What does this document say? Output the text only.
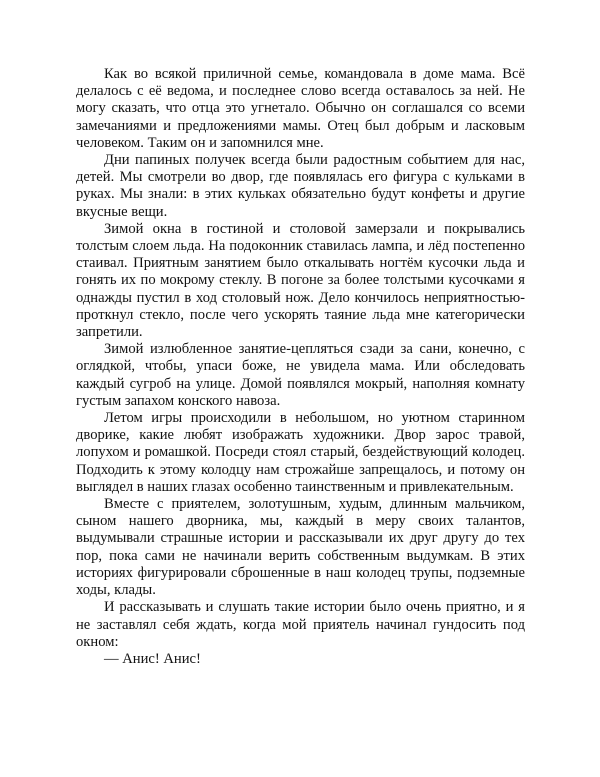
Как во всякой приличной семье, командовала в доме мама. Всё делалось с её ведома, и последнее слово всегда оставалось за ней. Не могу сказать, что отца это угнетало. Обычно он соглашался со всеми замечаниями и предложениями мамы. Отец был добрым и ласковым человеком. Таким он и запомнился мне.

Дни папиных получек всегда были радостным событием для нас, детей. Мы смотрели во двор, где появлялась его фигура с кульками в руках. Мы знали: в этих кульках обязательно будут конфеты и другие вкусные вещи.

Зимой окна в гостиной и столовой замерзали и покрывались толстым слоем льда. На подоконник ставилась лампа, и лёд постепенно стаивал. Приятным занятием было откалывать ногтём кусочки льда и гонять их по мокрому стеклу. В погоне за более толстыми кусочками я однажды пустил в ход столовый нож. Дело кончилось неприятностью-проткнул стекло, после чего ускорять таяние льда мне категорически запретили.

Зимой излюбленное занятие-цепляться сзади за сани, конечно, с оглядкой, чтобы, упаси боже, не увидела мама. Или обследовать каждый сугроб на улице. Домой появлялся мокрый, наполняя комнату густым запахом конского навоза.

Летом игры происходили в небольшом, но уютном старинном дворике, какие любят изображать художники. Двор зарос травой, лопухом и ромашкой. Посреди стоял старый, бездействующий колодец. Подходить к этому колодцу нам строжайше запрещалось, и потому он выглядел в наших глазах особенно таинственным и привлекательным.

Вместе с приятелем, золотушным, худым, длинным мальчиком, сыном нашего дворника, мы, каждый в меру своих талантов, выдумывали страшные истории и рассказывали их друг другу до тех пор, пока сами не начинали верить собственным выдумкам. В этих историях фигурировали сброшенные в наш колодец трупы, подземные ходы, клады.

И рассказывать и слушать такие истории было очень приятно, и я не заставлял себя ждать, когда мой приятель начинал гундосить под окном:

— Анис! Анис!
